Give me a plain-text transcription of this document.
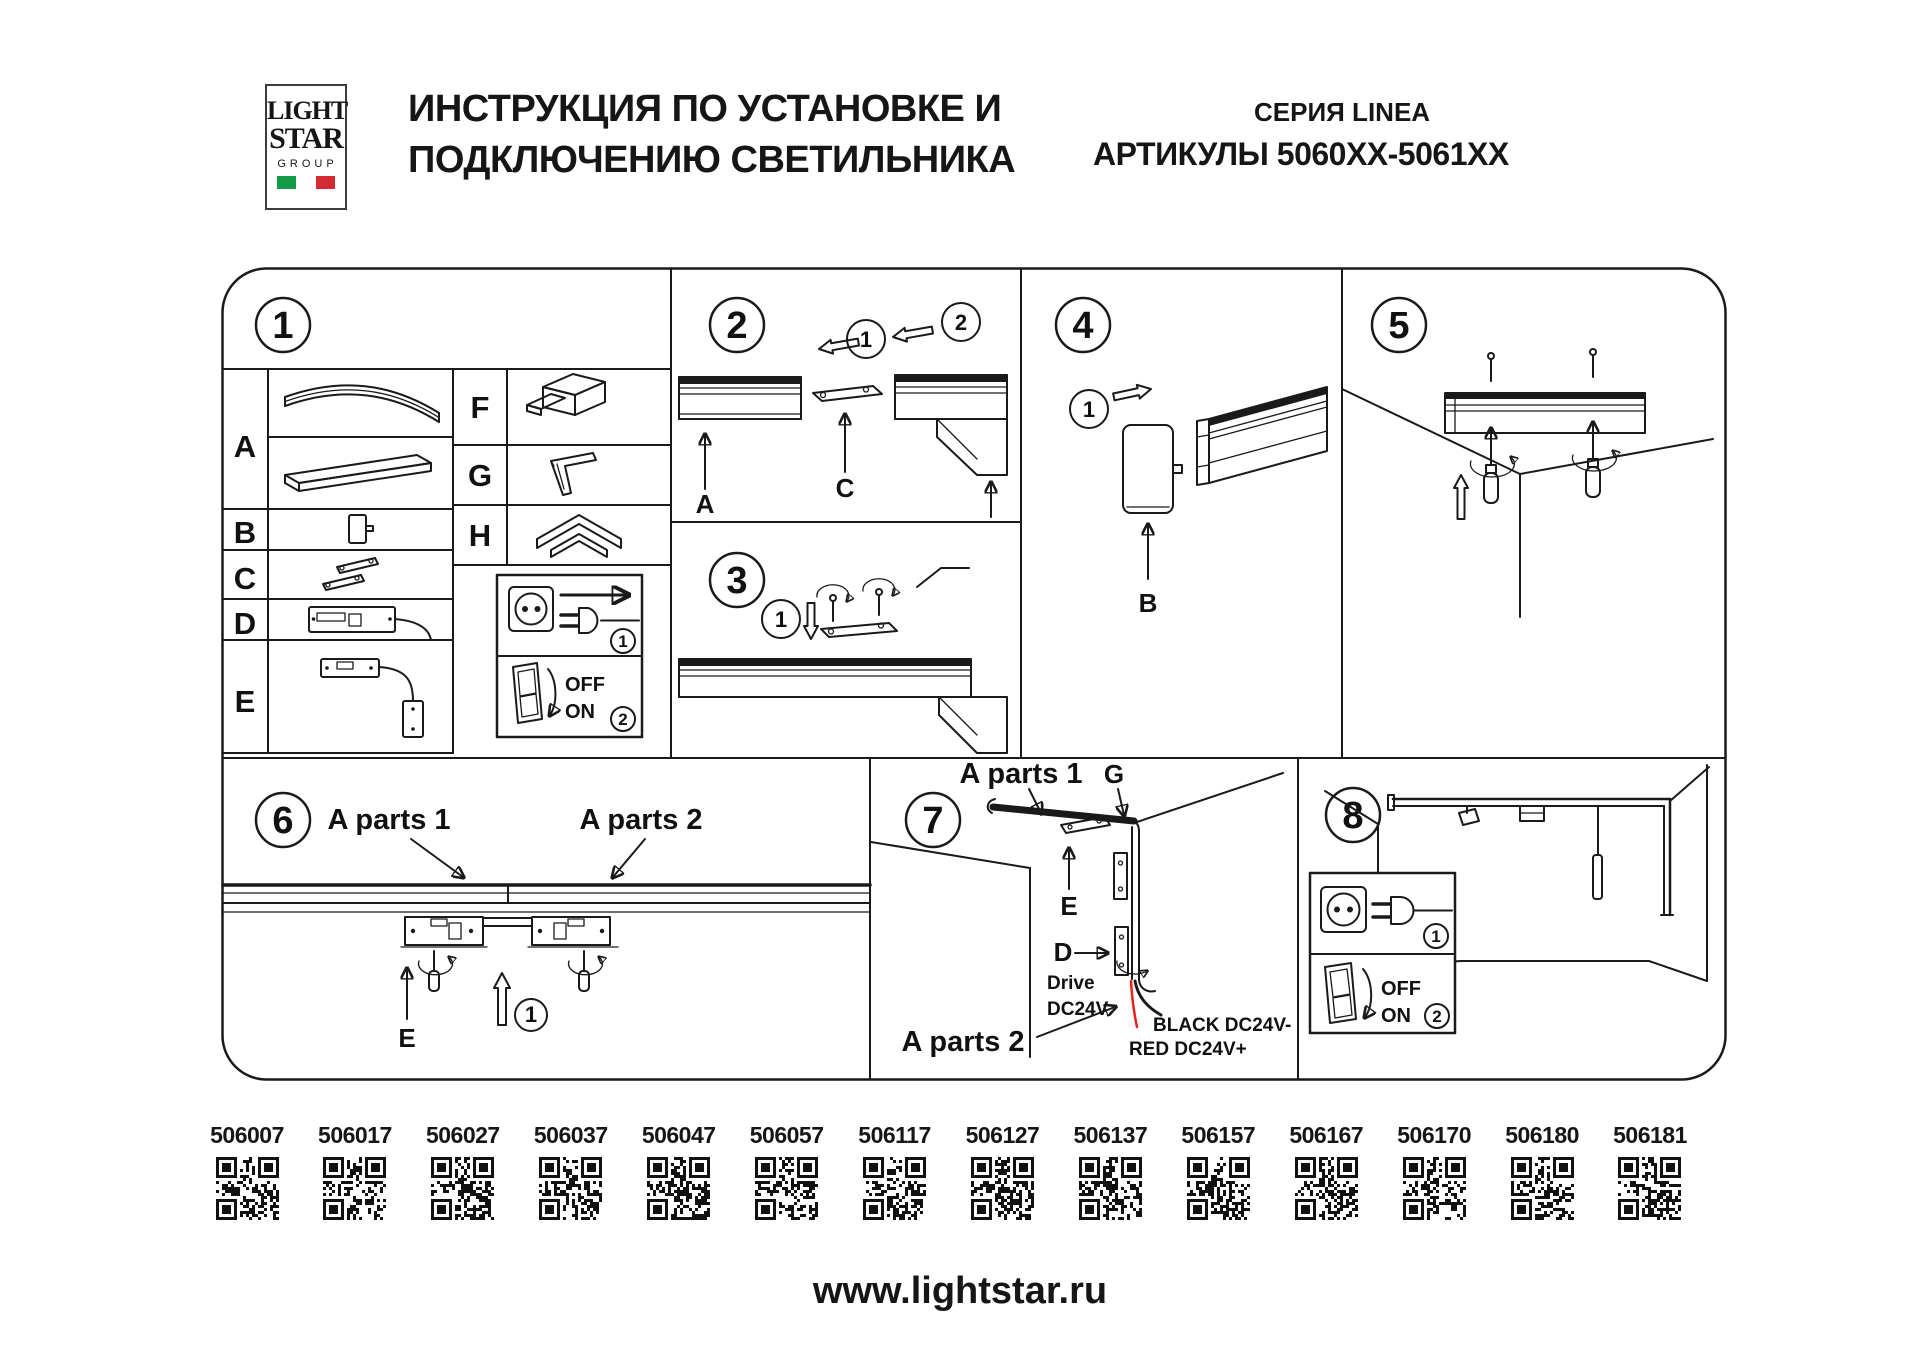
LIGHT
STAR
GROUP
ИНСТРУКЦИЯ ПО УСТАНОВКЕ И
ПОДКЛЮЧЕНИЮ СВЕТИЛЬНИКА
СЕРИЯ LINEA
АРТИКУЛЫ 5060XX-5061XX
1	2
3
4	5
6	7	8
A
B
C
D
E
F
G
H
1
OFF
ON 2
1
2
A
C
1
1
B
A parts 1	A parts 2
E
1
A parts 1 G
E
D
Drive
DC24V
A parts 2
BLACK DC24V-
RED DC24V+
1
OFF
ON 2
506007 506017 506027 506037 506047 506057 506117 506127 506137 506157 506167 506170 506180 506181
www.lightstar.ru
